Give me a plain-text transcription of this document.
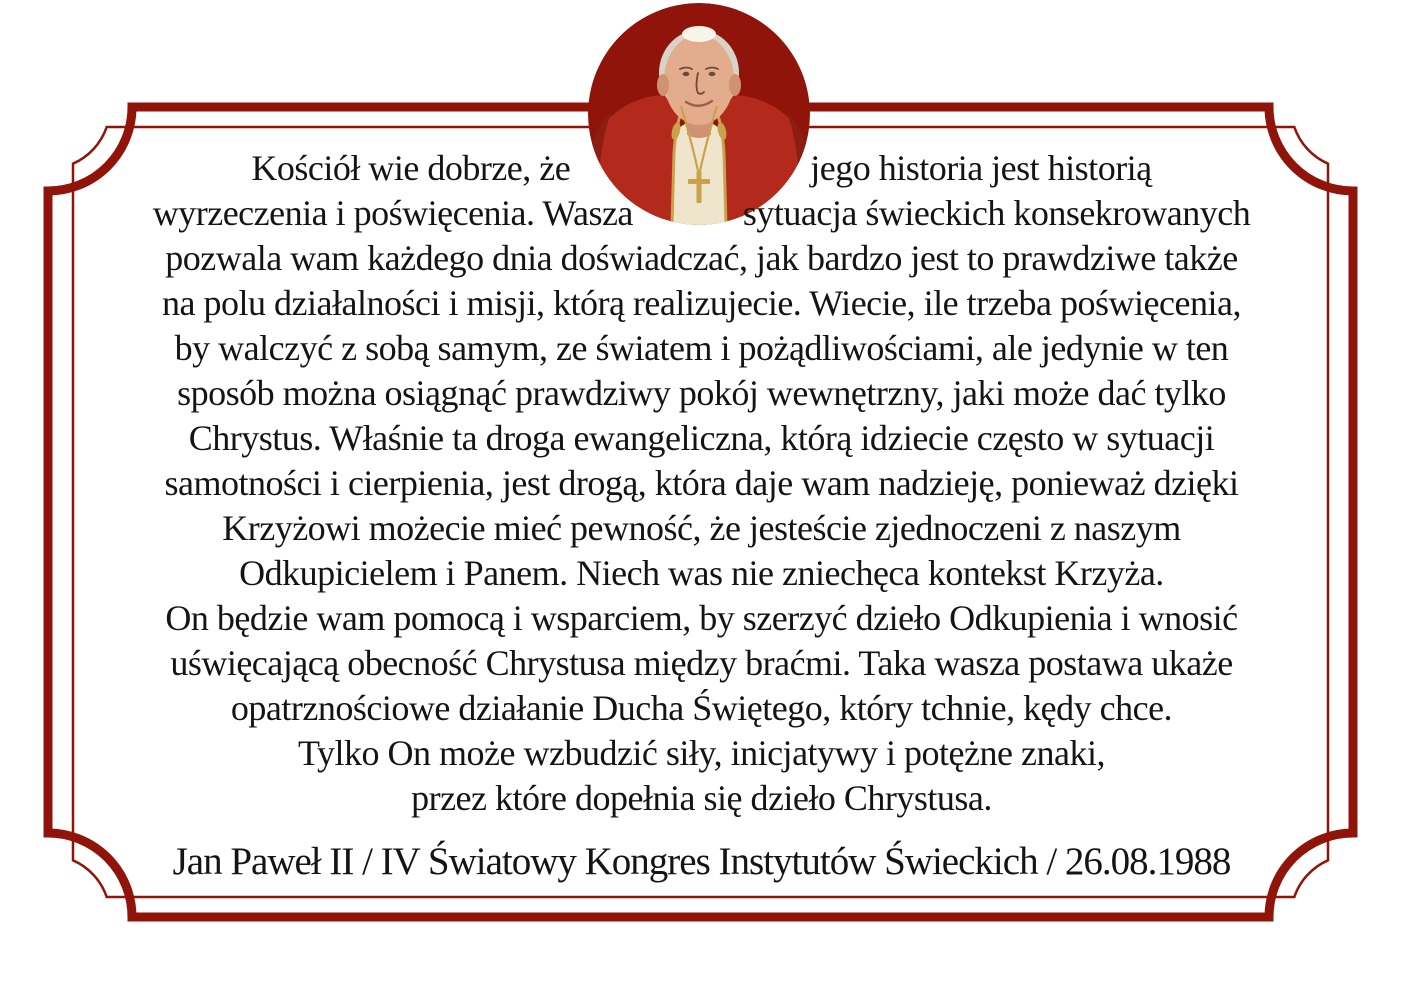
Kościół wie dobrze, że	jego historia jest historią
wyrzeczenia i poświęcenia. Wasza	sytuacja świeckich konsekrowanych
pozwala wam każdego dnia doświadczać, jak bardzo jest to prawdziwe także
na polu działalności i misji, którą realizujecie. Wiecie, ile trzeba poświęcenia,
by walczyć z sobą samym, ze światem i pożądliwościami, ale jedynie w ten
sposób można osiągnąć prawdziwy pokój wewnętrzny, jaki może dać tylko
Chrystus. Właśnie ta droga ewangeliczna, którą idziecie często w sytuacji
samotności i cierpienia, jest drogą, która daje wam nadzieję, ponieważ dzięki
Krzyżowi możecie mieć pewność, że jesteście zjednoczeni z naszym
Odkupicielem i Panem. Niech was nie zniechęca kontekst Krzyża.
On będzie wam pomocą i wsparciem, by szerzyć dzieło Odkupienia i wnosić
uświęcającą obecność Chrystusa między braćmi. Taka wasza postawa ukaże
opatrznościowe działanie Ducha Świętego, który tchnie, kędy chce.
Tylko On może wzbudzić siły, inicjatywy i potężne znaki,
przez które dopełnia się dzieło Chrystusa.
Jan Paweł II / IV Światowy Kongres Instytutów Świeckich / 26.08.1988
